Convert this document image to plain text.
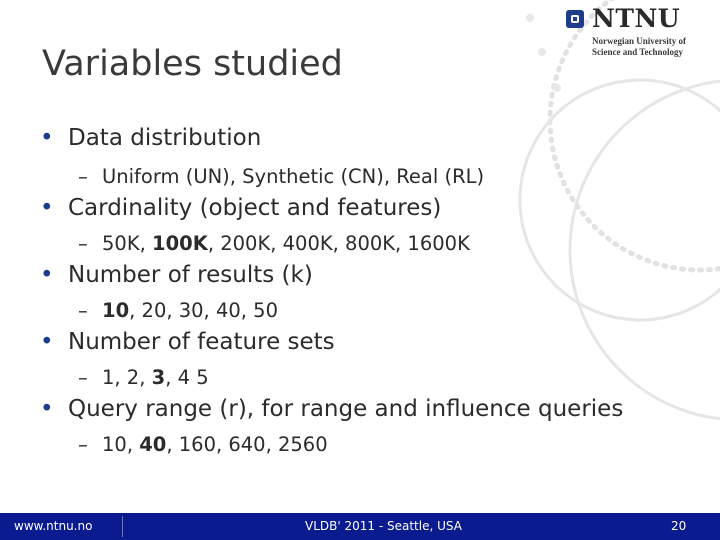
NTNU
Norwegian University of
Science and Technology
Variables studied
• Data distribution
– Uniform (UN), Synthetic (CN), Real (RL)
• Cardinality (object and features)
– 50K, 100K, 200K, 400K, 800K, 1600K
• Number of results (k)
– 10, 20, 30, 40, 50
• Number of feature sets
– 1, 2, 3, 4 5
• Query range (r), for range and influence queries
– 10, 40, 160, 640, 2560
www.ntnu.no	VLDB' 2011 - Seattle, USA	20
